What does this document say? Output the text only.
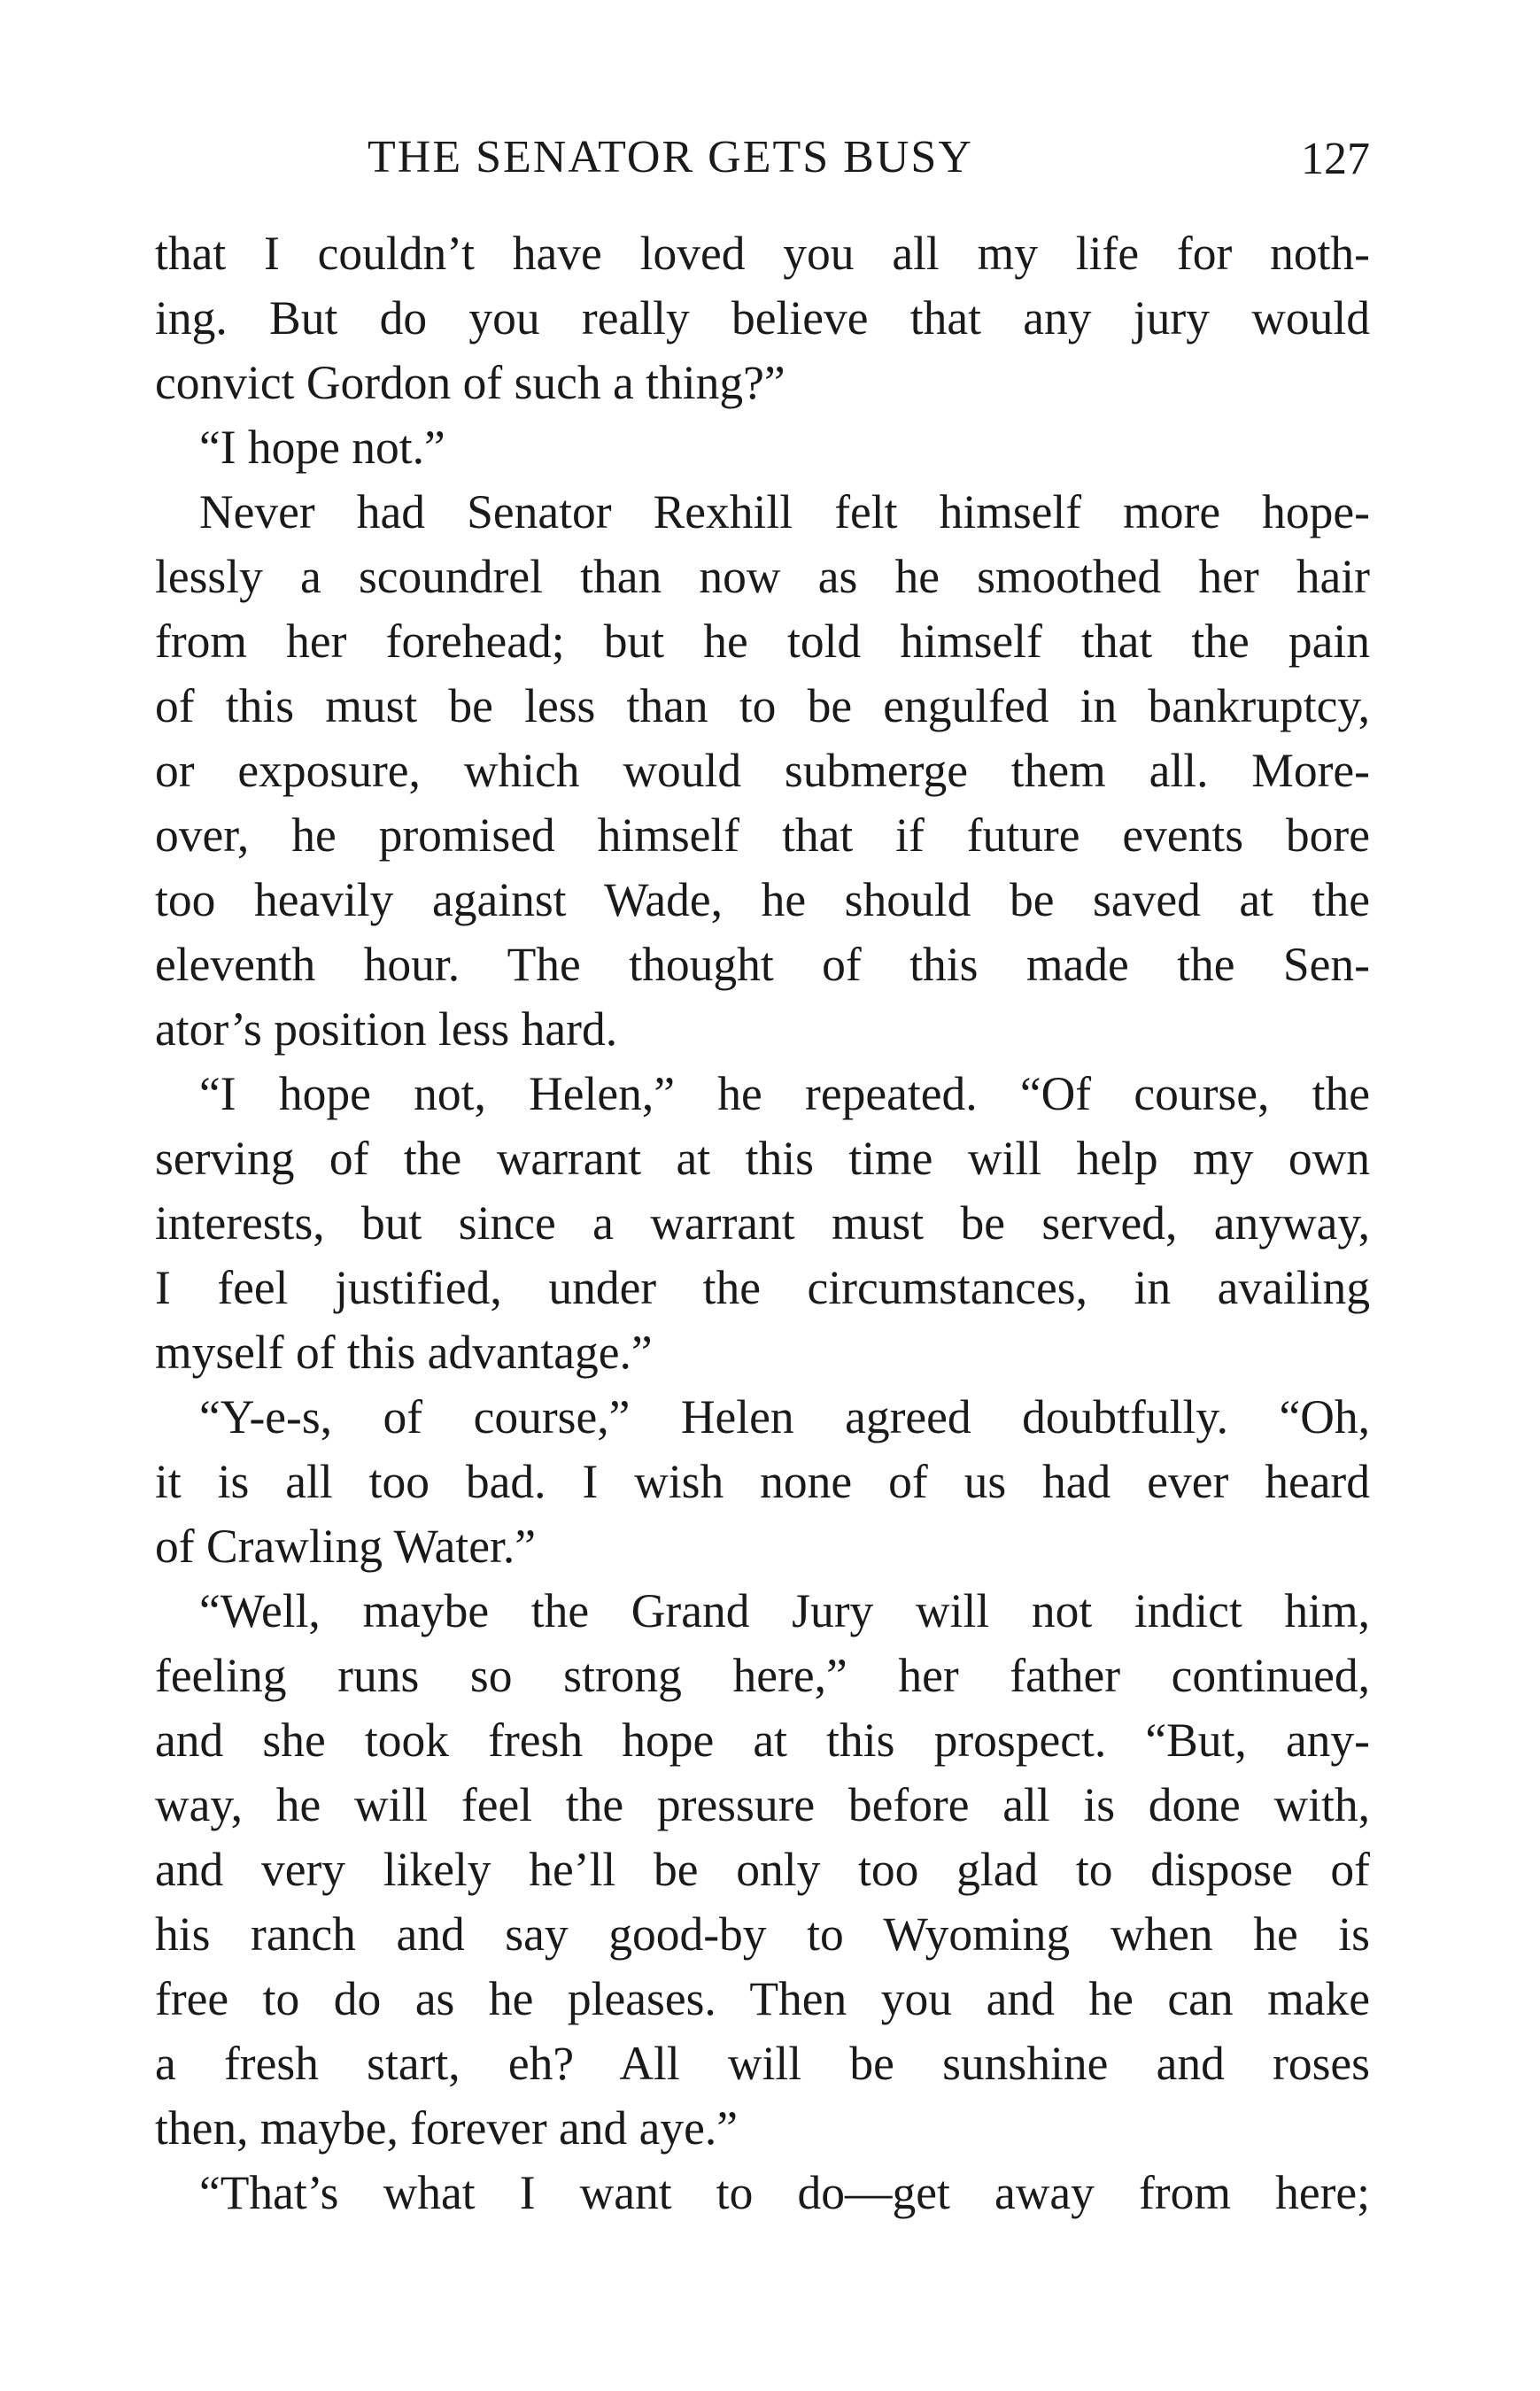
THE SENATOR GETS BUSY	127
that I couldn’t have loved you all my life for noth-
ing. But do you really believe that any jury would
convict Gordon of such a thing?”
“I hope not.”
Never had Senator Rexhill felt himself more hope-
lessly a scoundrel than now as he smoothed her hair
from her forehead; but he told himself that the pain
of this must be less than to be engulfed in bankruptcy,
or exposure, which would submerge them all. More-
over, he promised himself that if future events bore
too heavily against Wade, he should be saved at the
eleventh hour. The thought of this made the Sen-
ator’s position less hard.
“I hope not, Helen,” he repeated. “Of course, the
serving of the warrant at this time will help my own
interests, but since a warrant must be served, anyway,
I feel justified, under the circumstances, in availing
myself of this advantage.”
“Y-e-s, of course,” Helen agreed doubtfully. “Oh,
it is all too bad. I wish none of us had ever heard
of Crawling Water.”
“Well, maybe the Grand Jury will not indict him,
feeling runs so strong here,” her father continued,
and she took fresh hope at this prospect. “But, any-
way, he will feel the pressure before all is done with,
and very likely he’ll be only too glad to dispose of
his ranch and say good-by to Wyoming when he is
free to do as he pleases. Then you and he can make
a fresh start, eh? All will be sunshine and roses
then, maybe, forever and aye.”
“That’s what I want to do—get away from here;
